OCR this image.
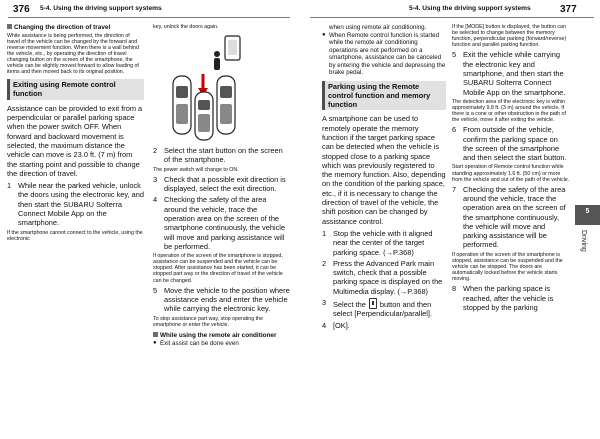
376 5-4. Using the driving support systems	5-4. Using the driving support systems	377
Changing the direction of travel

While assistance is being performed, the direction of travel of the vehicle can be changed by the forward and reverse movement function. When there is a wall behind the vehicle, etc., by operating the direction of travel changing button on the screen of the smartphone, the vehicle can be slightly moved forward to allow loading of items and then moved back to its original position.

Exiting using Remote control function

Assistance can be provided to exit from a perpendicular or parallel parking space when the power switch OFF. When forward and backward movement is selected, the maximum distance the vehicle can move is 23.0 ft. (7 m) from the starting point and possible to change the direction of travel.

1 While near the parked vehicle, unlock the doors using the electronic key, and then start the SUBARU Solterra Connect Mobile App on the smartphone.

If the smartphone cannot connect to the vehicle, using the electronic

key, unlock the doors again.

2 Select the start button on the screen of the smartphone.

The power switch will change to ON.

3 Check that a possible exit direction is displayed, select the exit direction.
4 Checking the safety of the area around the vehicle, trace the operation area on the screen of the smartphone continuously, the vehicle will move and parking assistance will be performed.

If operation of the screen of the smartphone is stopped, assistance can be suspended and the vehicle can be stopped. After assistance has been started, it can be stopped part way or the direction of travel of the vehicle can be changed.

5 Move the vehicle to the position where assistance ends and enter the vehicle while carrying the electronic key.

To stop assistance part way, stop operating the smartphone or enter the vehicle.

While using the remote air conditioner
● Exit assist can be done even
when using remote air conditioning.
● When Remote control function is started while the remote air conditioning operations are not performed on a smartphone, assistance can be canceled by entering the vehicle and depressing the brake pedal.
Parking using the Remote control function and memory function

A smartphone can be used to remotely operate the memory function if the target parking space can be detected when the vehicle is stopped close to a parking space which was previously registered to the memory function. Also, depending on the condition of the parking space, etc., if it is necessary to change the direction of travel of the vehicle, the shift position can be changed by assistance control.

1 Stop the vehicle with it aligned near the center of the target parking space. (→P.368)
2 Press the Advanced Park main switch, check that a possible parking space is displayed on the Multimedia display. (→P.368)
3 Select the button and then select [Perpendicular/parallel].
4 [OK].

If the [MODE] button is displayed, the button can be selected to change between the memory function, perpendicular parking (forward/reverse) function and parallel parking function.

5 Exit the vehicle while carrying the electronic key and smartphone, and then start the SUBARU Solterra Connect Mobile App on the smartphone.

The detection area of the electronic key is within approximately 9.8 ft. (3 m) around the vehicle. If there is a cone or other obstruction in the path of the vehicle, move it after exiting the vehicle.

6 From outside of the vehicle, confirm the parking space on the screen of the smartphone and then select the start button.

Start operation of Remote control function while standing approximately 1.6 ft. (50 cm) or more from the vehicle and out of the path of the vehicle.

7 Checking the safety of the area around the vehicle, trace the operation area on the screen of the smartphone continuously, the vehicle will move and parking assistance will be performed.

If operation of the screen of the smartphone is stopped, assistance can be suspended and the vehicle can be stopped. The doors are automatically locked before the vehicle starts moving.

8 When the parking space is reached, after the vehicle is stopped by the parking
5
Driving
